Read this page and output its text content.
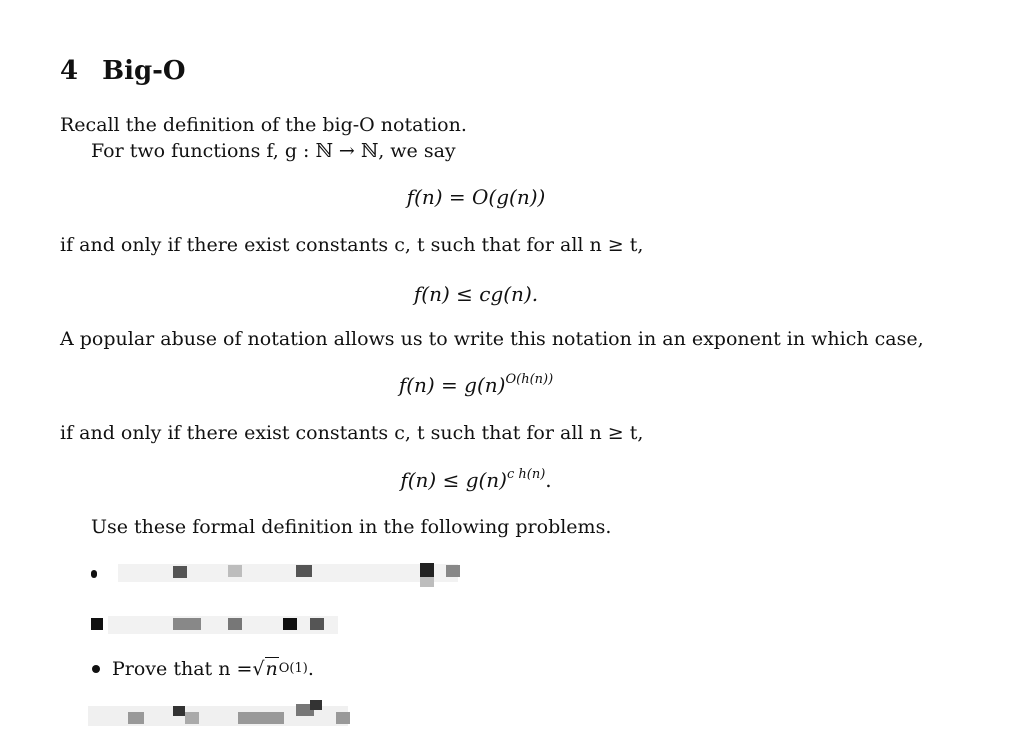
4 Big-O
Recall the definition of the big-O notation.
For two functions f, g : ℕ → ℕ, we say
f(n) = O(g(n))
if and only if there exist constants c, t such that for all n ≥ t,
f(n) ≤ cg(n).
A popular abuse of notation allows us to write this notation in an exponent in which case,
$f(n) = g(n)^{O(h(n))}$
if and only if there exist constants c, t such that for all n ≥ t,
$f(n) \le g(n)^{c h(n)}$.
Use these formal definition in the following problems.
Prove that n = √n O(1) .
